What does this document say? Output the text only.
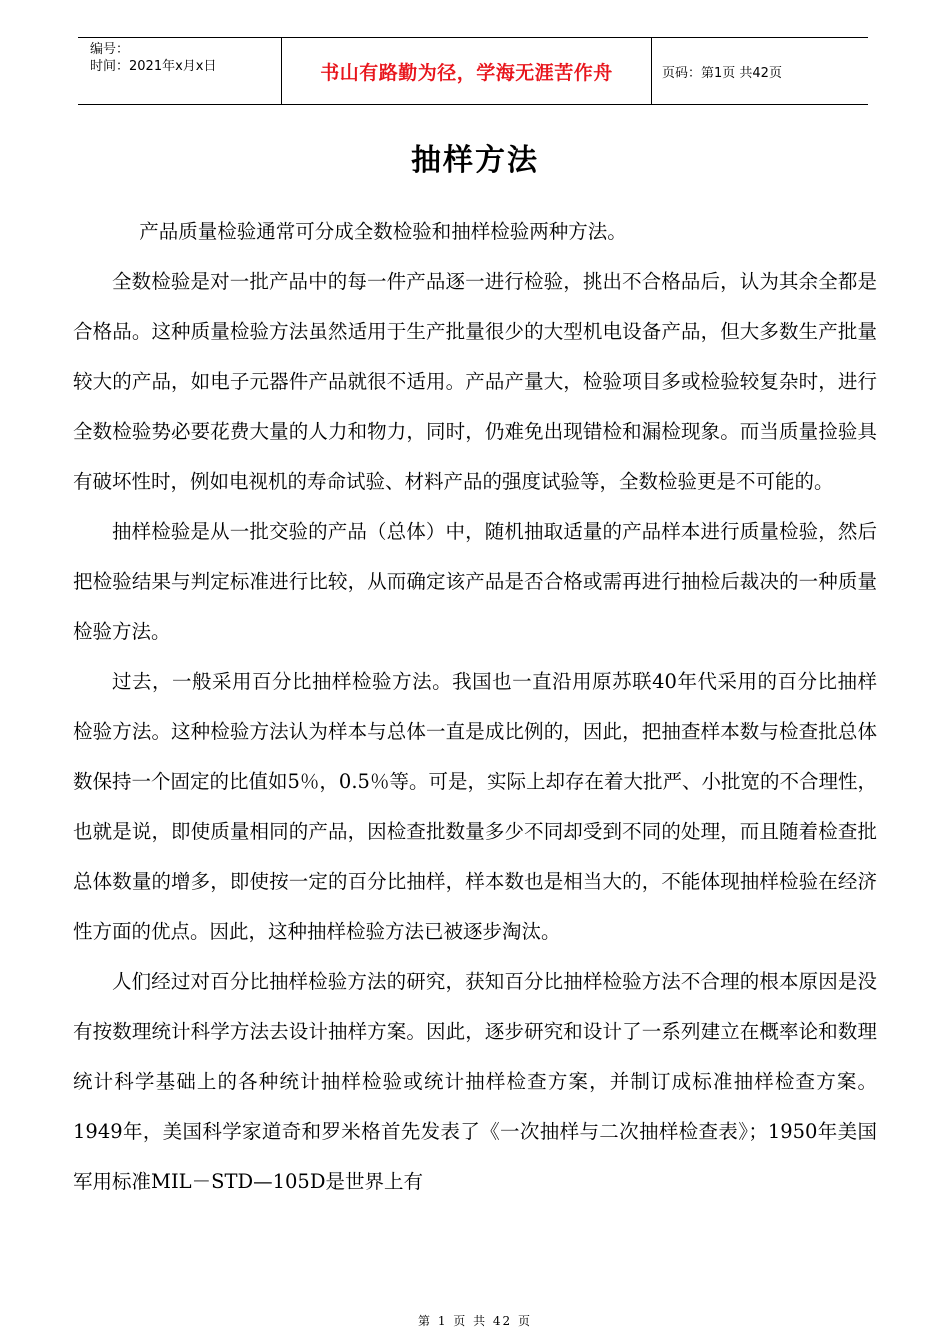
编号：
时间：2021年x月x日	书山有路勤为径，学海无涯苦作舟	页码：第1页 共42页
抽样方法

产品质量检验通常可分成全数检验和抽样检验两种方法。

全数检验是对一批产品中的每一件产品逐一进行检验，挑出不合格品后，认为其余全都是合格品。这种质量检验方法虽然适用于生产批量很少的大型机电设备产品，但大多数生产批量较大的产品，如电子元器件产品就很不适用。产品产量大，检验项目多或检验较复杂时，进行全数检验势必要花费大量的人力和物力，同时，仍难免出现错检和漏检现象。而当质量捡验具有破坏性时，例如电视机的寿命试验、材料产品的强度试验等，全数检验更是不可能的。

抽样检验是从一批交验的产品（总体）中，随机抽取适量的产品样本进行质量检验，然后把检验结果与判定标准进行比较，从而确定该产品是否合格或需再进行抽检后裁决的一种质量检验方法。

过去，一般采用百分比抽样检验方法。我国也一直沿用原苏联40年代采用的百分比抽样检验方法。这种检验方法认为样本与总体一直是成比例的，因此，把抽查样本数与检查批总体数保持一个固定的比值如5％，0.5％等。可是，实际上却存在着大批严、小批宽的不合理性，也就是说，即使质量相同的产品，因检查批数量多少不同却受到不同的处理，而且随着检查批总体数量的增多，即使按一定的百分比抽样，样本数也是相当大的，不能体现抽样检验在经济性方面的优点。因此，这种抽样检验方法已被逐步淘汰。

人们经过对百分比抽样检验方法的研究，获知百分比抽样检验方法不合理的根本原因是没有按数理统计科学方法去设计抽样方案。因此，逐步研究和设计了一系列建立在概率论和数理统计科学基础上的各种统计抽样检验或统计抽样检查方案，并制订成标准抽样检查方案。1949年，美国科学家道奇和罗米格首先发表了《一次抽样与二次抽样检查表》；1950年美国军用标准MIL－STD—105D是世界上有

第 1 页 共 42 页
